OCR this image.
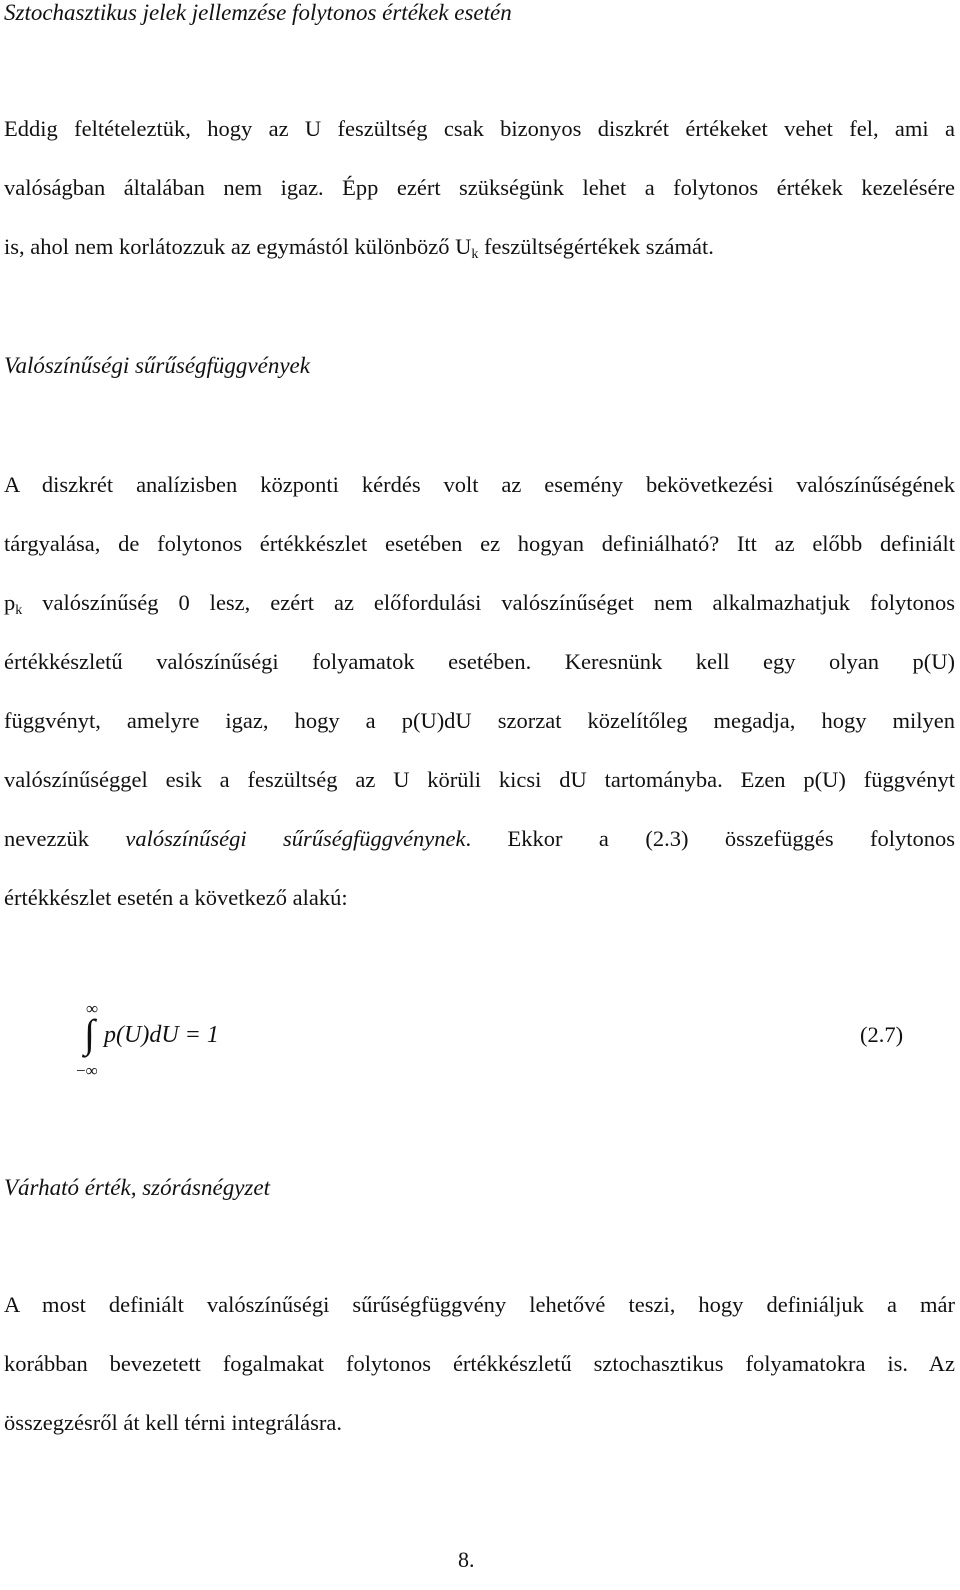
Sztochasztikus jelek jellemzése folytonos értékek esetén
Eddig feltételeztük, hogy az U feszültség csak bizonyos diszkrét értékeket vehet fel, ami a
valóságban általában nem igaz. Épp ezért szükségünk lehet a folytonos értékek kezelésére
is, ahol nem korlátozzuk az egymástól különböző Uk feszültségértékek számát.
Valószínűségi sűrűségfüggvények
A diszkrét analízisben központi kérdés volt az esemény bekövetkezési valószínűségének
tárgyalása, de folytonos értékkészlet esetében ez hogyan definiálható? Itt az előbb definiált
pk valószínűség 0 lesz, ezért az előfordulási valószínűséget nem alkalmazhatjuk folytonos
értékkészletű valószínűségi folyamatok esetében. Keresnünk kell egy olyan p(U)
függvényt, amelyre igaz, hogy a p(U)dU szorzat közelítőleg megadja, hogy milyen
valószínűséggel esik a feszültség az U körüli kicsi dU tartományba. Ezen p(U) függvényt
nevezzük valószínűségi sűrűségfüggvénynek. Ekkor a (2.3) összefüggés folytonos
értékkészlet esetén a következő alakú:
∞
∫
−∞
p(U)dU = 1	(2.7)
Várható érték, szórásnégyzet
A most definiált valószínűségi sűrűségfüggvény lehetővé teszi, hogy definiáljuk a már
korábban bevezetett fogalmakat folytonos értékkészletű sztochasztikus folyamatokra is. Az
összegzésről át kell térni integrálásra.
8.
